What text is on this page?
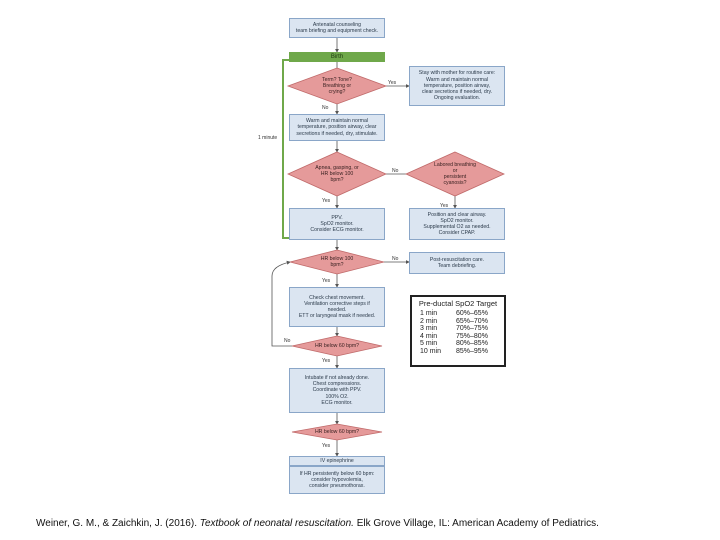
Antenatal counseling
team briefing and equipment check.
Birth
Term? Tone?
Breathing or
crying?
Stay with mother for routine care:
Warm and maintain normal
temperature, position airway,
clear secretions if needed, dry.
Ongoing evaluation.
Warm and maintain normal
temperature, position airway, clear
secretions if needed, dry, stimulate.
Apnea, gasping, or
HR below 100
bpm?
Labored breathing
or
persistent
cyanosis?
PPV.
SpO2 monitor.
Consider ECG monitor.
Position and clear airway.
SpO2 monitor.
Supplemental O2 as needed.
Consider CPAP.
HR below 100
bpm?
Post-resuscitation care.
Team debriefing.
Check chest movement.
Ventilation corrective steps if
needed.
ETT or laryngeal mask if needed.
HR below 60 bpm?
Intubate if not already done.
Chest compressions.
Coordinate with PPV.
100% O2.
ECG monitor.
HR below 60 bpm?
IV epinephrine
If HR persistently below 60 bpm:
consider hypovolemia,
consider pneumothorax.
Yes
No
1 minute
No
Yes
Yes
No
Yes
No
Yes
Yes
Pre-ductal SpO2 Target
1 min	60%–65%
2 min	65%–70%
3 min	70%–75%
4 min	75%–80%
5 min	80%–85%
10 min	85%–95%
Weiner, G. M., & Zaichkin, J. (2016). Textbook of neonatal resuscitation. Elk Grove Village, IL: American Academy of Pediatrics.
